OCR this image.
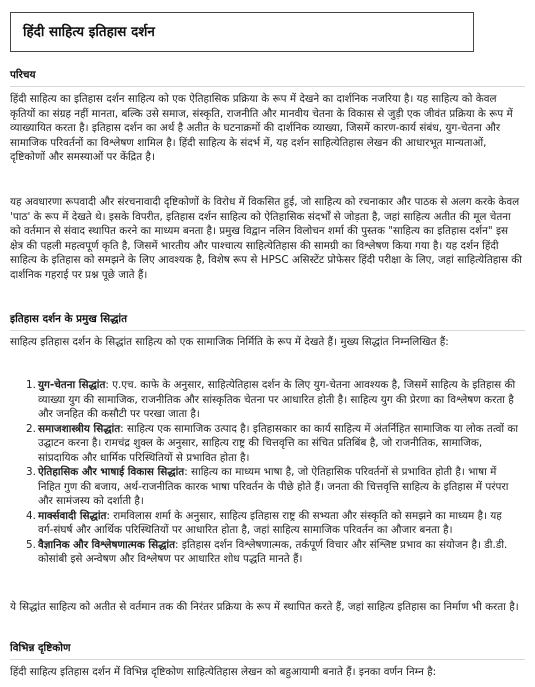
हिंदी साहित्य इतिहास दर्शन
परिचय

हिंदी साहित्य का इतिहास दर्शन साहित्य को एक ऐतिहासिक प्रक्रिया के रूप में देखने का दार्शनिक नजरिया है। यह साहित्य को केवल कृतियों का संग्रह नहीं मानता, बल्कि उसे समाज, संस्कृति, राजनीति और मानवीय चेतना के विकास से जुड़ी एक जीवंत प्रक्रिया के रूप में व्याख्यायित करता है। इतिहास दर्शन का अर्थ है अतीत के घटनाक्रमों की दार्शनिक व्याख्या, जिसमें कारण-कार्य संबंध, युग-चेतना और सामाजिक परिवर्तनों का विश्लेषण शामिल है। हिंदी साहित्य के संदर्भ में, यह दर्शन साहित्येतिहास लेखन की आधारभूत मान्यताओं, दृष्टिकोणों और समस्याओं पर केंद्रित है।

यह अवधारणा रूपवादी और संरचनावादी दृष्टिकोणों के विरोध में विकसित हुई, जो साहित्य को रचनाकार और पाठक से अलग करके केवल 'पाठ' के रूप में देखते थे। इसके विपरीत, इतिहास दर्शन साहित्य को ऐतिहासिक संदर्भों से जोड़ता है, जहां साहित्य अतीत की मूल चेतना को वर्तमान से संवाद स्थापित करने का माध्यम बनता है। प्रमुख विद्वान नलिन विलोचन शर्मा की पुस्तक "साहित्य का इतिहास दर्शन" इस क्षेत्र की पहली महत्वपूर्ण कृति है, जिसमें भारतीय और पाश्चात्य साहित्येतिहास की सामग्री का विश्लेषण किया गया है। यह दर्शन हिंदी साहित्य के इतिहास को समझने के लिए आवश्यक है, विशेष रूप से HPSC असिस्टेंट प्रोफेसर हिंदी परीक्षा के लिए, जहां साहित्येतिहास की दार्शनिक गहराई पर प्रश्न पूछे जाते हैं।

इतिहास दर्शन के प्रमुख सिद्धांत

साहित्य इतिहास दर्शन के सिद्धांत साहित्य को एक सामाजिक निर्मिति के रूप में देखते हैं। मुख्य सिद्धांत निम्नलिखित हैं:

1. युग-चेतना सिद्धांत: ए.एच. काफे के अनुसार, साहित्येतिहास दर्शन के लिए युग-चेतना आवश्यक है, जिसमें साहित्य के इतिहास की व्याख्या युग की सामाजिक, राजनीतिक और सांस्कृतिक चेतना पर आधारित होती है। साहित्य युग की प्रेरणा का विश्लेषण करता है और जनहित की कसौटी पर परखा जाता है।
2. समाजशास्त्रीय सिद्धांत: साहित्य एक सामाजिक उत्पाद है। इतिहासकार का कार्य साहित्य में अंतर्निहित सामाजिक या लोक तत्वों का उद्घाटन करना है। रामचंद्र शुक्ल के अनुसार, साहित्य राष्ट्र की चित्तवृत्ति का संचित प्रतिबिंब है, जो राजनीतिक, सामाजिक, सांप्रदायिक और धार्मिक परिस्थितियों से प्रभावित होता है।
3. ऐतिहासिक और भाषाई विकास सिद्धांत: साहित्य का माध्यम भाषा है, जो ऐतिहासिक परिवर्तनों से प्रभावित होती है। भाषा में निहित गुण की बजाय, अर्थ-राजनीतिक कारक भाषा परिवर्तन के पीछे होते हैं। जनता की चित्तवृत्ति साहित्य के इतिहास में परंपरा और सामंजस्य को दर्शाती है।
4. मार्क्सवादी सिद्धांत: रामविलास शर्मा के अनुसार, साहित्य इतिहास राष्ट्र की सभ्यता और संस्कृति को समझने का माध्यम है। यह वर्ग-संघर्ष और आर्थिक परिस्थितियों पर आधारित होता है, जहां साहित्य सामाजिक परिवर्तन का औजार बनता है।
5. वैज्ञानिक और विश्लेषणात्मक सिद्धांत: इतिहास दर्शन विश्लेषणात्मक, तर्कपूर्ण विचार और संश्लिष्ट प्रभाव का संयोजन है। डी.डी. कोसांबी इसे अन्वेषण और विश्लेषण पर आधारित शोध पद्धति मानते हैं।

ये सिद्धांत साहित्य को अतीत से वर्तमान तक की निरंतर प्रक्रिया के रूप में स्थापित करते हैं, जहां साहित्य इतिहास का निर्माण भी करता है।

विभिन्न दृष्टिकोण

हिंदी साहित्य इतिहास दर्शन में विभिन्न दृष्टिकोण साहित्येतिहास लेखन को बहुआयामी बनाते हैं। इनका वर्णन निम्न है:
